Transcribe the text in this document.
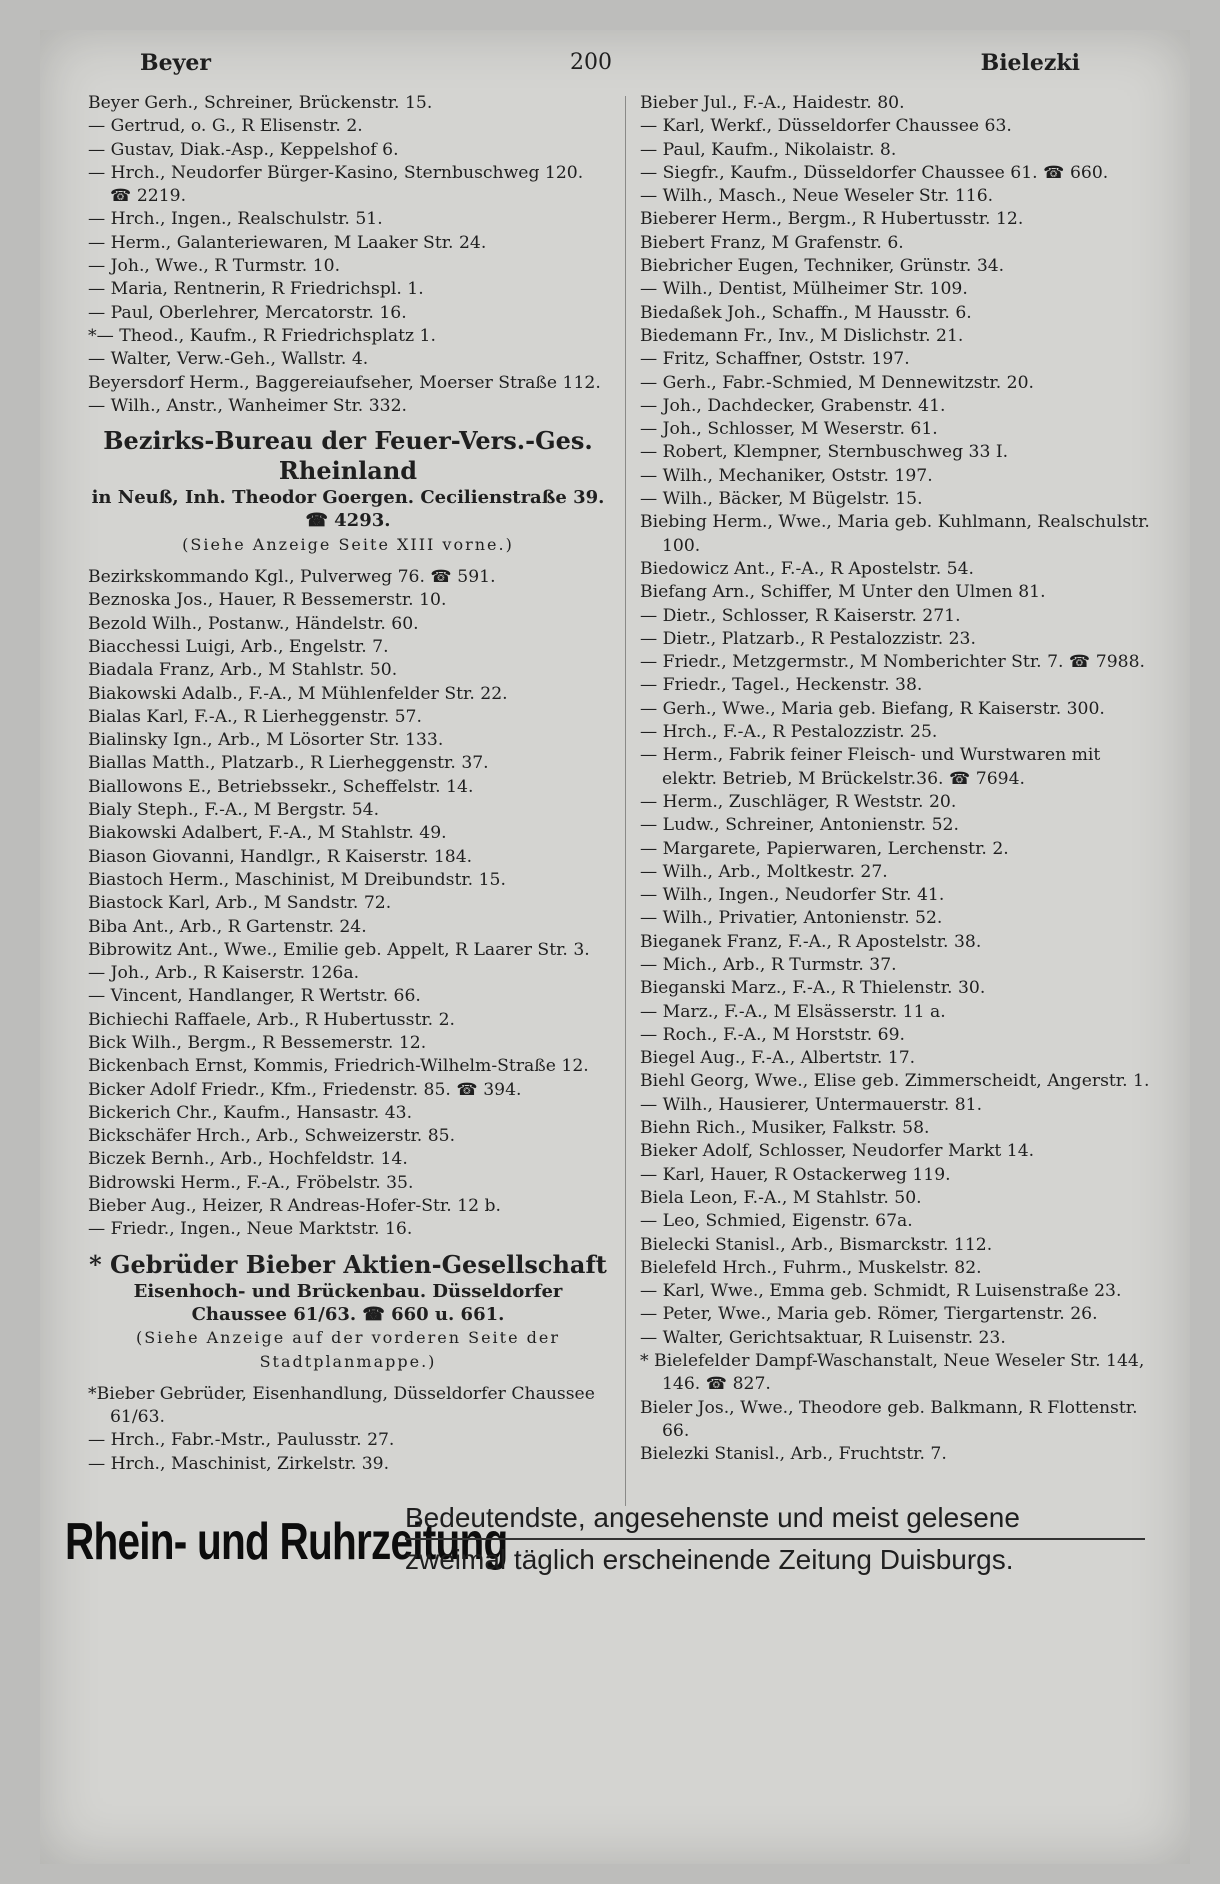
Beyer	200	Bielezki
Beyer Gerh., Schreiner, Brückenstr. 15.
— Gertrud, o. G., R Elisenstr. 2.
— Gustav, Diak.-Asp., Keppelshof 6.
— Hrch., Neudorfer Bürger-Kasino, Sternbuschweg 120. ☎ 2219.
— Hrch., Ingen., Realschulstr. 51.
— Herm., Galanteriewaren, M Laaker Str. 24.
— Joh., Wwe., R Turmstr. 10.
— Maria, Rentnerin, R Friedrichspl. 1.
— Paul, Oberlehrer, Mercatorstr. 16.
*— Theod., Kaufm., R Friedrichsplatz 1.
— Walter, Verw.-Geh., Wallstr. 4.
Beyersdorf Herm., Baggereiaufseher, Moerser Straße 112.
— Wilh., Anstr., Wanheimer Str. 332.
Bezirks-Bureau der Feuer-Vers.-Ges. Rheinland
in Neuß, Inh. Theodor Goergen. Cecilienstraße 39. ☎ 4293.
(Siehe Anzeige Seite XIII vorne.)
Bezirkskommando Kgl., Pulverweg 76. ☎ 591.
Beznoska Jos., Hauer, R Bessemerstr. 10.
Bezold Wilh., Postanw., Händelstr. 60.
Biacchessi Luigi, Arb., Engelstr. 7.
Biadala Franz, Arb., M Stahlstr. 50.
Biakowski Adalb., F.-A., M Mühlenfelder Str. 22.
Bialas Karl, F.-A., R Lierheggenstr. 57.
Bialinsky Ign., Arb., M Lösorter Str. 133.
Biallas Matth., Platzarb., R Lierheggenstr. 37.
Biallowons E., Betriebssekr., Scheffelstr. 14.
Bialy Steph., F.-A., M Bergstr. 54.
Biakowski Adalbert, F.-A., M Stahlstr. 49.
Biason Giovanni, Handlgr., R Kaiserstr. 184.
Biastoch Herm., Maschinist, M Dreibundstr. 15.
Biastock Karl, Arb., M Sandstr. 72.
Biba Ant., Arb., R Gartenstr. 24.
Bibrowitz Ant., Wwe., Emilie geb. Appelt, R Laarer Str. 3.
— Joh., Arb., R Kaiserstr. 126a.
— Vincent, Handlanger, R Wertstr. 66.
Bichiechi Raffaele, Arb., R Hubertusstr. 2.
Bick Wilh., Bergm., R Bessemerstr. 12.
Bickenbach Ernst, Kommis, Friedrich-Wilhelm-Straße 12.
Bicker Adolf Friedr., Kfm., Friedenstr. 85. ☎ 394.
Bickerich Chr., Kaufm., Hansastr. 43.
Bickschäfer Hrch., Arb., Schweizerstr. 85.
Biczek Bernh., Arb., Hochfeldstr. 14.
Bidrowski Herm., F.-A., Fröbelstr. 35.
Bieber Aug., Heizer, R Andreas-Hofer-Str. 12 b.
— Friedr., Ingen., Neue Marktstr. 16.
* Gebrüder Bieber Aktien-Gesellschaft
Eisenhoch- und Brückenbau. Düsseldorfer Chaussee 61/63. ☎ 660 u. 661.
(Siehe Anzeige auf der vorderen Seite der Stadtplanmappe.)
*Bieber Gebrüder, Eisenhandlung, Düsseldorfer Chaussee 61/63.
— Hrch., Fabr.-Mstr., Paulusstr. 27.
— Hrch., Maschinist, Zirkelstr. 39.
Bieber Jul., F.-A., Haidestr. 80.
— Karl, Werkf., Düsseldorfer Chaussee 63.
— Paul, Kaufm., Nikolaistr. 8.
— Siegfr., Kaufm., Düsseldorfer Chaussee 61. ☎ 660.
— Wilh., Masch., Neue Weseler Str. 116.
Bieberer Herm., Bergm., R Hubertusstr. 12.
Biebert Franz, M Grafenstr. 6.
Biebricher Eugen, Techniker, Grünstr. 34.
— Wilh., Dentist, Mülheimer Str. 109.
Biedaßek Joh., Schaffn., M Hausstr. 6.
Biedemann Fr., Inv., M Dislichstr. 21.
— Fritz, Schaffner, Oststr. 197.
— Gerh., Fabr.-Schmied, M Dennewitzstr. 20.
— Joh., Dachdecker, Grabenstr. 41.
— Joh., Schlosser, M Weserstr. 61.
— Robert, Klempner, Sternbuschweg 33 I.
— Wilh., Mechaniker, Oststr. 197.
— Wilh., Bäcker, M Bügelstr. 15.
Biebing Herm., Wwe., Maria geb. Kuhlmann, Realschulstr. 100.
Biedowicz Ant., F.-A., R Apostelstr. 54.
Biefang Arn., Schiffer, M Unter den Ulmen 81.
— Dietr., Schlosser, R Kaiserstr. 271.
— Dietr., Platzarb., R Pestalozzistr. 23.
— Friedr., Metzgermstr., M Nomberichter Str. 7. ☎ 7988.
— Friedr., Tagel., Heckenstr. 38.
— Gerh., Wwe., Maria geb. Biefang, R Kaiserstr. 300.
— Hrch., F.-A., R Pestalozzistr. 25.
— Herm., Fabrik feiner Fleisch- und Wurstwaren mit elektr. Betrieb, M Brückelstr.36. ☎ 7694.
— Herm., Zuschläger, R Weststr. 20.
— Ludw., Schreiner, Antonienstr. 52.
— Margarete, Papierwaren, Lerchenstr. 2.
— Wilh., Arb., Moltkestr. 27.
— Wilh., Ingen., Neudorfer Str. 41.
— Wilh., Privatier, Antonienstr. 52.
Bieganek Franz, F.-A., R Apostelstr. 38.
— Mich., Arb., R Turmstr. 37.
Bieganski Marz., F.-A., R Thielenstr. 30.
— Marz., F.-A., M Elsässerstr. 11 a.
— Roch., F.-A., M Horststr. 69.
Biegel Aug., F.-A., Albertstr. 17.
Biehl Georg, Wwe., Elise geb. Zimmerscheidt, Angerstr. 1.
— Wilh., Hausierer, Untermauerstr. 81.
Biehn Rich., Musiker, Falkstr. 58.
Bieker Adolf, Schlosser, Neudorfer Markt 14.
— Karl, Hauer, R Ostackerweg 119.
Biela Leon, F.-A., M Stahlstr. 50.
— Leo, Schmied, Eigenstr. 67a.
Bielecki Stanisl., Arb., Bismarckstr. 112.
Bielefeld Hrch., Fuhrm., Muskelstr. 82.
— Karl, Wwe., Emma geb. Schmidt, R Luisenstraße 23.
— Peter, Wwe., Maria geb. Römer, Tiergartenstr. 26.
— Walter, Gerichtsaktuar, R Luisenstr. 23.
* Bielefelder Dampf-Waschanstalt, Neue Weseler Str. 144, 146. ☎ 827.
Bieler Jos., Wwe., Theodore geb. Balkmann, R Flottenstr. 66.
Bielezki Stanisl., Arb., Fruchtstr. 7.
Rhein- und Ruhrzeitung
Bedeutendste, angesehenste und meist gelesene
zweimal täglich erscheinende Zeitung Duisburgs.
